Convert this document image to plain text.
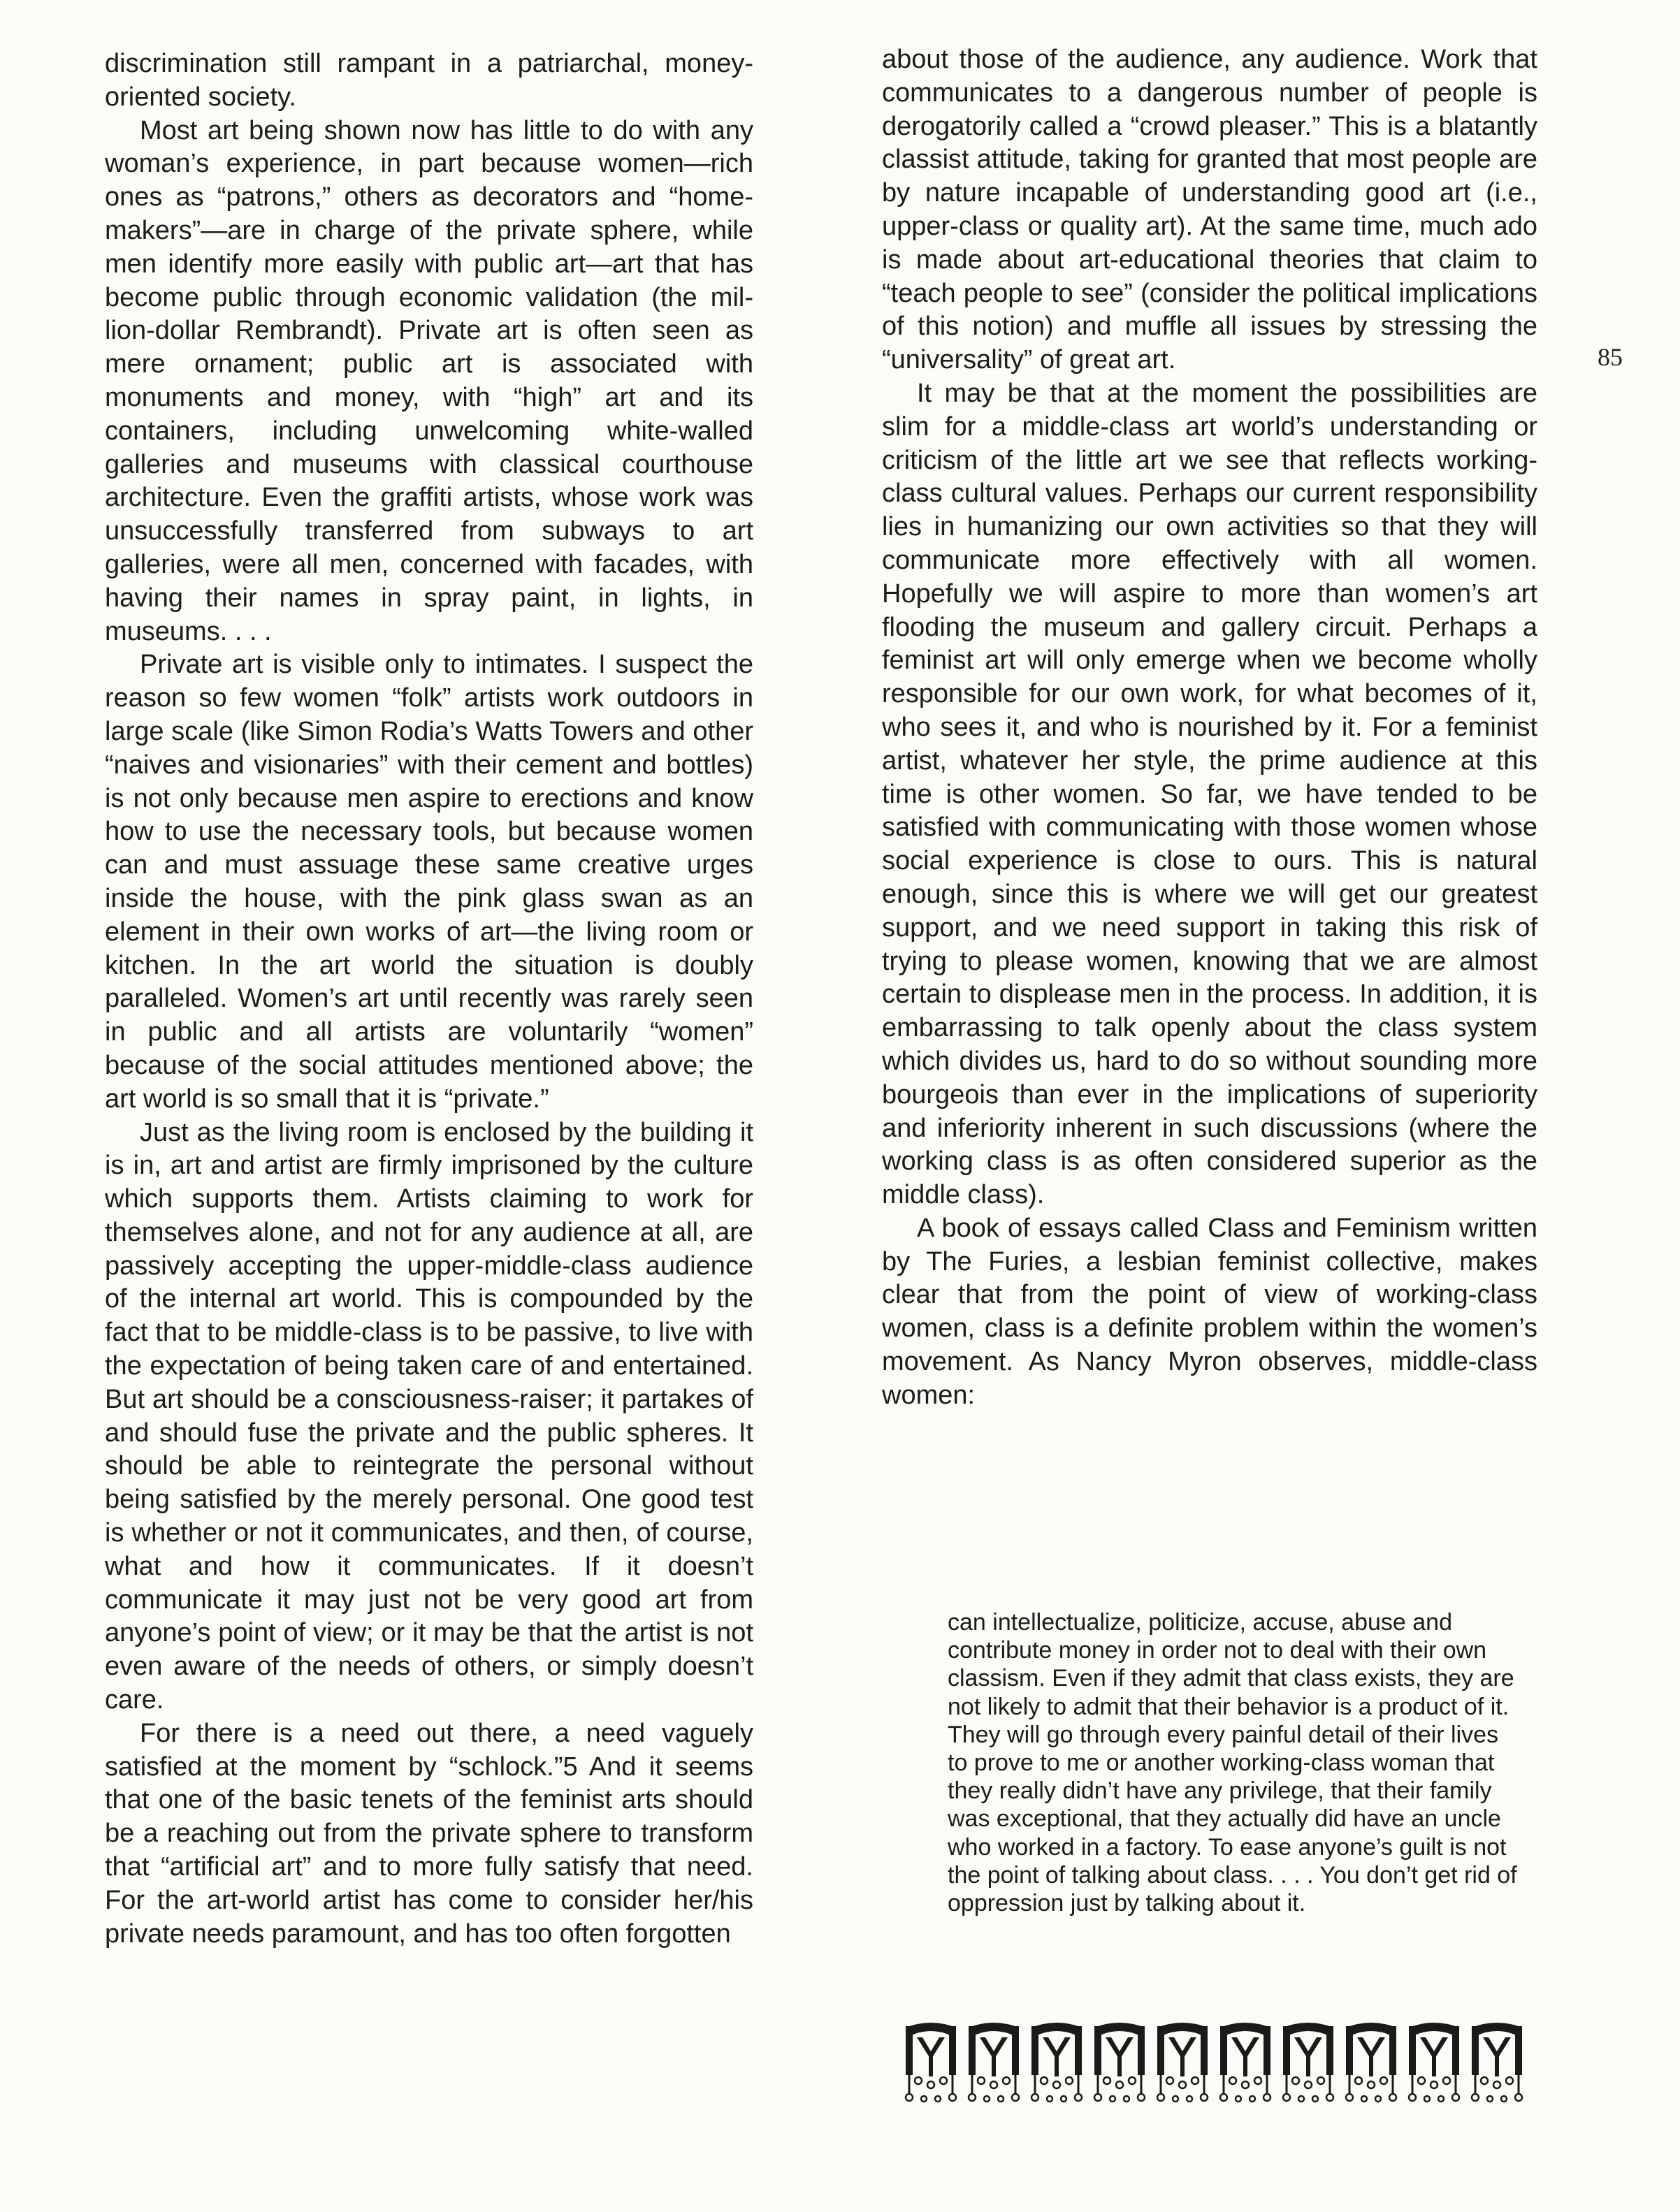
discrimination still rampant in a patriarchal, money-oriented society.

Most art being shown now has little to do with any woman’s experience, in part because women—rich ones as “patrons,” others as decorators and “home-makers”—are in charge of the private sphere, while men identify more easily with public art—art that has become public through economic validation (the million-dollar Rembrandt). Private art is often seen as mere ornament; public art is associated with monuments and money, with “high” art and its containers, including unwelcoming white-walled galleries and museums with classical courthouse architecture. Even the graffiti artists, whose work was unsuccessfully transferred from subways to art galleries, were all men, concerned with facades, with having their names in spray paint, in lights, in museums. . . .

Private art is visible only to intimates. I suspect the reason so few women “folk” artists work outdoors in large scale (like Simon Rodia’s Watts Towers and other “naives and visionaries” with their cement and bottles) is not only because men aspire to erections and know how to use the necessary tools, but because women can and must assuage these same creative urges inside the house, with the pink glass swan as an element in their own works of art—the living room or kitchen. In the art world the situation is doubly paralleled. Women’s art until recently was rarely seen in public and all artists are voluntarily “women” because of the social attitudes mentioned above; the art world is so small that it is “private.”

Just as the living room is enclosed by the building it is in, art and artist are firmly imprisoned by the culture which supports them. Artists claiming to work for themselves alone, and not for any audience at all, are passively accepting the upper-middle-class audience of the internal art world. This is compounded by the fact that to be middle-class is to be passive, to live with the expectation of being taken care of and entertained. But art should be a consciousness-raiser; it partakes of and should fuse the private and the public spheres. It should be able to reintegrate the personal without being satisfied by the merely personal. One good test is whether or not it communicates, and then, of course, what and how it communicates. If it doesn’t communicate it may just not be very good art from anyone’s point of view; or it may be that the artist is not even aware of the needs of others, or simply doesn’t care.

For there is a need out there, a need vaguely satisfied at the moment by “schlock.”5 And it seems that one of the basic tenets of the feminist arts should be a reaching out from the private sphere to transform that “artificial art” and to more fully satisfy that need. For the art-world artist has come to consider her/his private needs paramount, and has too often forgotten

about those of the audience, any audience. Work that communicates to a dangerous number of people is derogatorily called a “crowd pleaser.” This is a blatantly classist attitude, taking for granted that most people are by nature incapable of understanding good art (i.e., upper-class or quality art). At the same time, much ado is made about art-educational theories that claim to “teach people to see” (consider the political implications of this notion) and muffle all issues by stressing the “universality” of great art.

It may be that at the moment the possibilities are slim for a middle-class art world’s understanding or criticism of the little art we see that reflects working-class cultural values. Perhaps our current responsibility lies in humanizing our own activities so that they will communicate more effectively with all women. Hopefully we will aspire to more than women’s art flooding the museum and gallery circuit. Perhaps a feminist art will only emerge when we become wholly responsible for our own work, for what becomes of it, who sees it, and who is nourished by it. For a feminist artist, whatever her style, the prime audience at this time is other women. So far, we have tended to be satisfied with communicating with those women whose social experience is close to ours. This is natural enough, since this is where we will get our greatest support, and we need support in taking this risk of trying to please women, knowing that we are almost certain to displease men in the process. In addition, it is embarrassing to talk openly about the class system which divides us, hard to do so without sounding more bourgeois than ever in the implications of superiority and inferiority inherent in such discussions (where the working class is as often considered superior as the middle class).

A book of essays called Class and Feminism written by The Furies, a lesbian feminist collective, makes clear that from the point of view of working-class women, class is a definite problem within the women’s movement. As Nancy Myron observes, middle-class women:

85

can intellectualize, politicize, accuse, abuse and contribute money in order not to deal with their own classism. Even if they admit that class exists, they are not likely to admit that their behavior is a product of it. They will go through every painful detail of their lives to prove to me or another working-class woman that they really didn’t have any privilege, that their family was exceptional, that they actually did have an uncle who worked in a factory. To ease anyone’s guilt is not the point of talking about class. . . . You don’t get rid of oppression just by talking about it.
